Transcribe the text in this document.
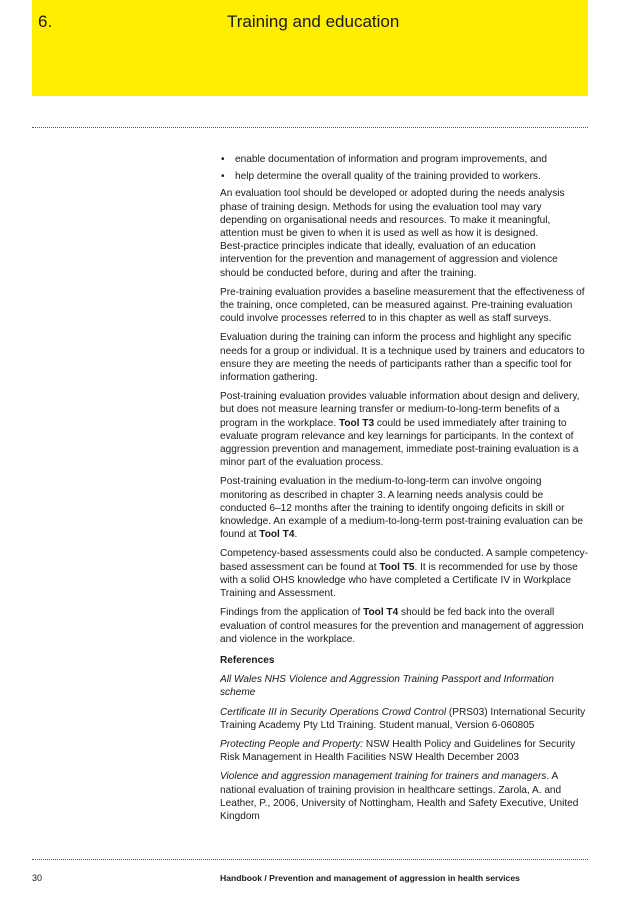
6.	Training and education
• enable documentation of information and program improvements, and
• help determine the overall quality of the training provided to workers.

An evaluation tool should be developed or adopted during the needs analysis phase of training design. Methods for using the evaluation tool may vary depending on organisational needs and resources. To make it meaningful, attention must be given to when it is used as well as how it is designed.

Best-practice principles indicate that ideally, evaluation of an education intervention for the prevention and management of aggression and violence should be conducted before, during and after the training.

Pre-training evaluation provides a baseline measurement that the effectiveness of the training, once completed, can be measured against. Pre-training evaluation could involve processes referred to in this chapter as well as staff surveys.

Evaluation during the training can inform the process and highlight any specific needs for a group or individual. It is a technique used by trainers and educators to ensure they are meeting the needs of participants rather than a specific tool for information gathering.

Post-training evaluation provides valuable information about design and delivery, but does not measure learning transfer or medium-to-long-term benefits of a program in the workplace. Tool T3 could be used immediately after training to evaluate program relevance and key learnings for participants. In the context of aggression prevention and management, immediate post-training evaluation is a minor part of the evaluation process.

Post-training evaluation in the medium-to-long-term can involve ongoing monitoring as described in chapter 3. A learning needs analysis could be conducted 6–12 months after the training to identify ongoing deficits in skill or knowledge. An example of a medium-to-long-term post-training evaluation can be found at Tool T4.

Competency-based assessments could also be conducted. A sample competency-based assessment can be found at Tool T5. It is recommended for use by those with a solid OHS knowledge who have completed a Certificate IV in Workplace Training and Assessment.

Findings from the application of Tool T4 should be fed back into the overall evaluation of control measures for the prevention and management of aggression and violence in the workplace.

References

All Wales NHS Violence and Aggression Training Passport and Information scheme

Certificate III in Security Operations Crowd Control (PRS03) International Security Training Academy Pty Ltd Training. Student manual, Version 6-060805

Protecting People and Property: NSW Health Policy and Guidelines for Security Risk Management in Health Facilities NSW Health December 2003

Violence and aggression management training for trainers and managers. A national evaluation of training provision in healthcare settings. Zarola, A. and Leather, P., 2006, University of Nottingham, Health and Safety Executive, United Kingdom

30	Handbook / Prevention and management of aggression in health services
